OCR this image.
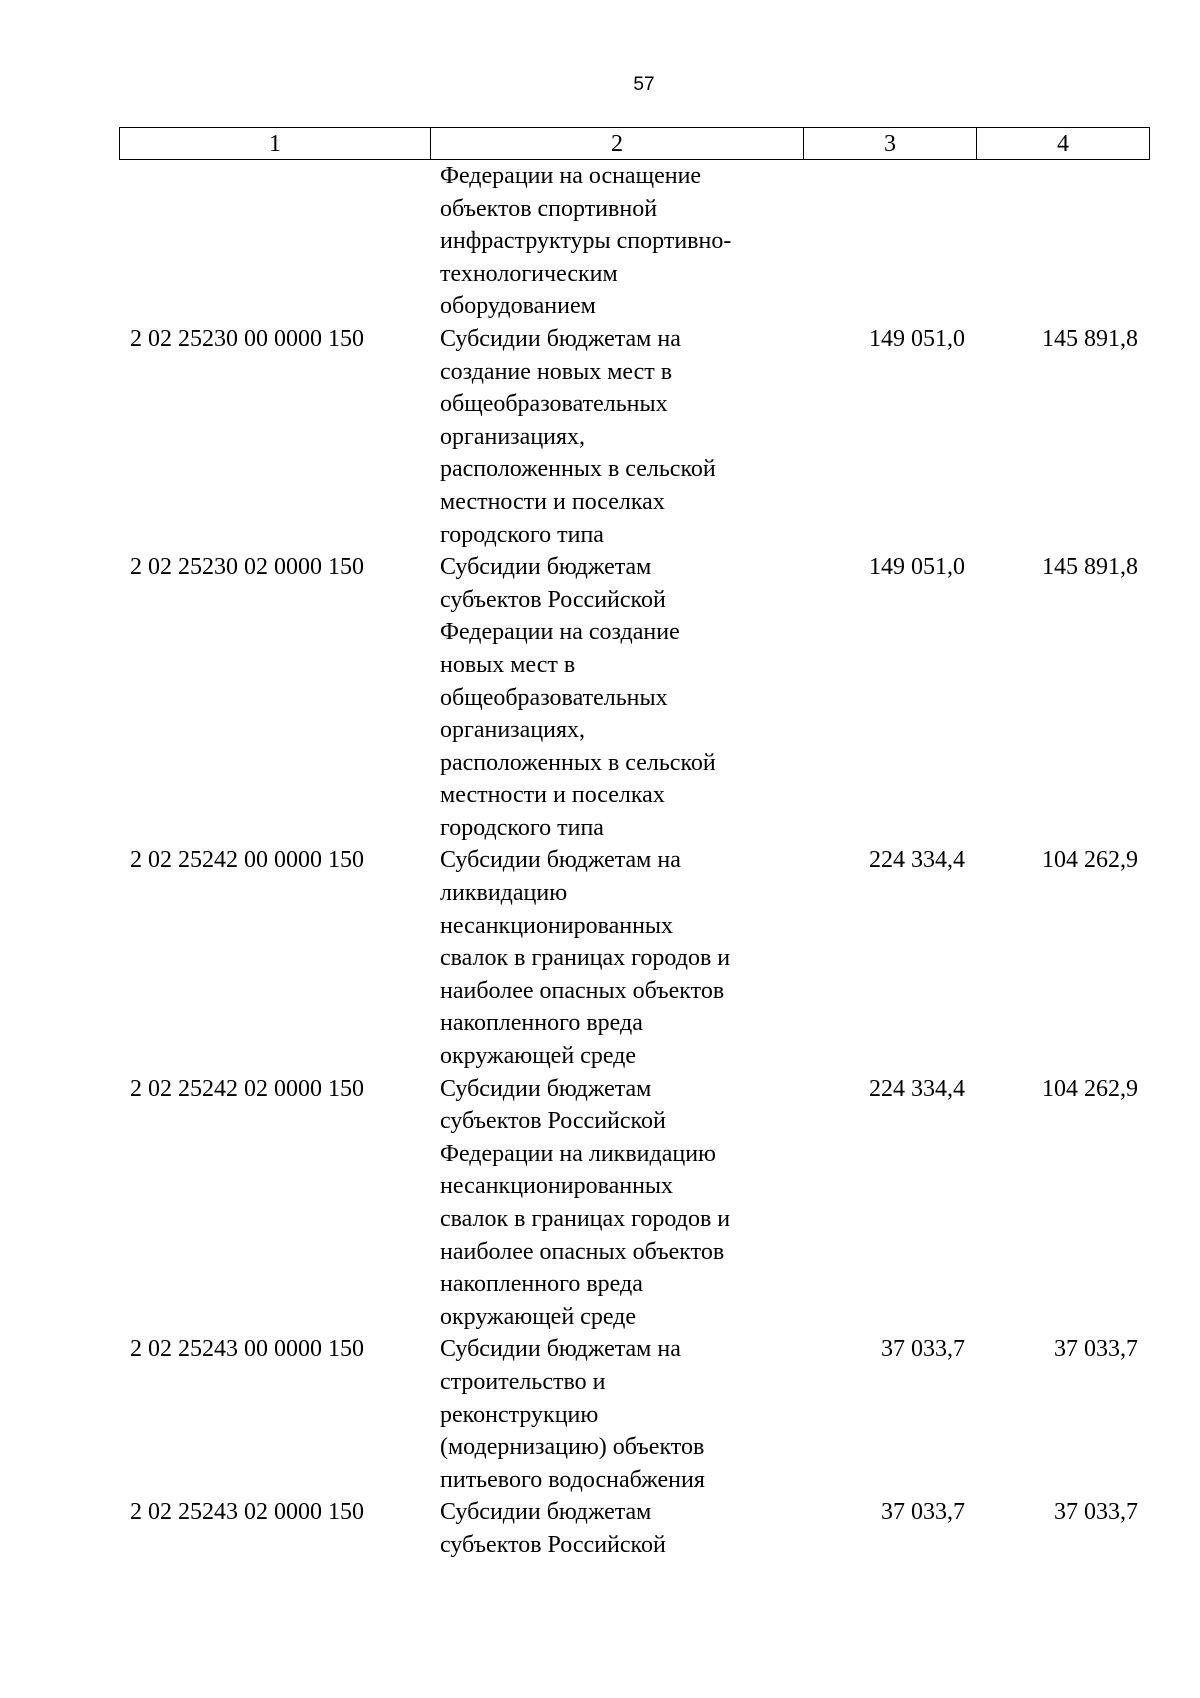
57
1	2	3	4
Федерации на оснащение
объектов спортивной
инфраструктуры спортивно-
технологическим
оборудованием
2 02 25230 00 0000 150	Субсидии бюджетам на
создание новых мест в
общеобразовательных
организациях,
расположенных в сельской
местности и поселках
городского типа
149 051,0	145 891,8
2 02 25230 02 0000 150	Субсидии бюджетам
субъектов Российской
Федерации на создание
новых мест в
общеобразовательных
организациях,
расположенных в сельской
местности и поселках
городского типа
149 051,0	145 891,8
2 02 25242 00 0000 150	Субсидии бюджетам на
ликвидацию
несанкционированных
свалок в границах городов и
наиболее опасных объектов
накопленного вреда
окружающей среде
224 334,4	104 262,9
2 02 25242 02 0000 150	Субсидии бюджетам
субъектов Российской
Федерации на ликвидацию
несанкционированных
свалок в границах городов и
наиболее опасных объектов
накопленного вреда
окружающей среде
224 334,4	104 262,9
2 02 25243 00 0000 150	Субсидии бюджетам на
строительство и
реконструкцию
(модернизацию) объектов
питьевого водоснабжения
37 033,7	37 033,7
2 02 25243 02 0000 150	Субсидии бюджетам
субъектов Российской
37 033,7	37 033,7
